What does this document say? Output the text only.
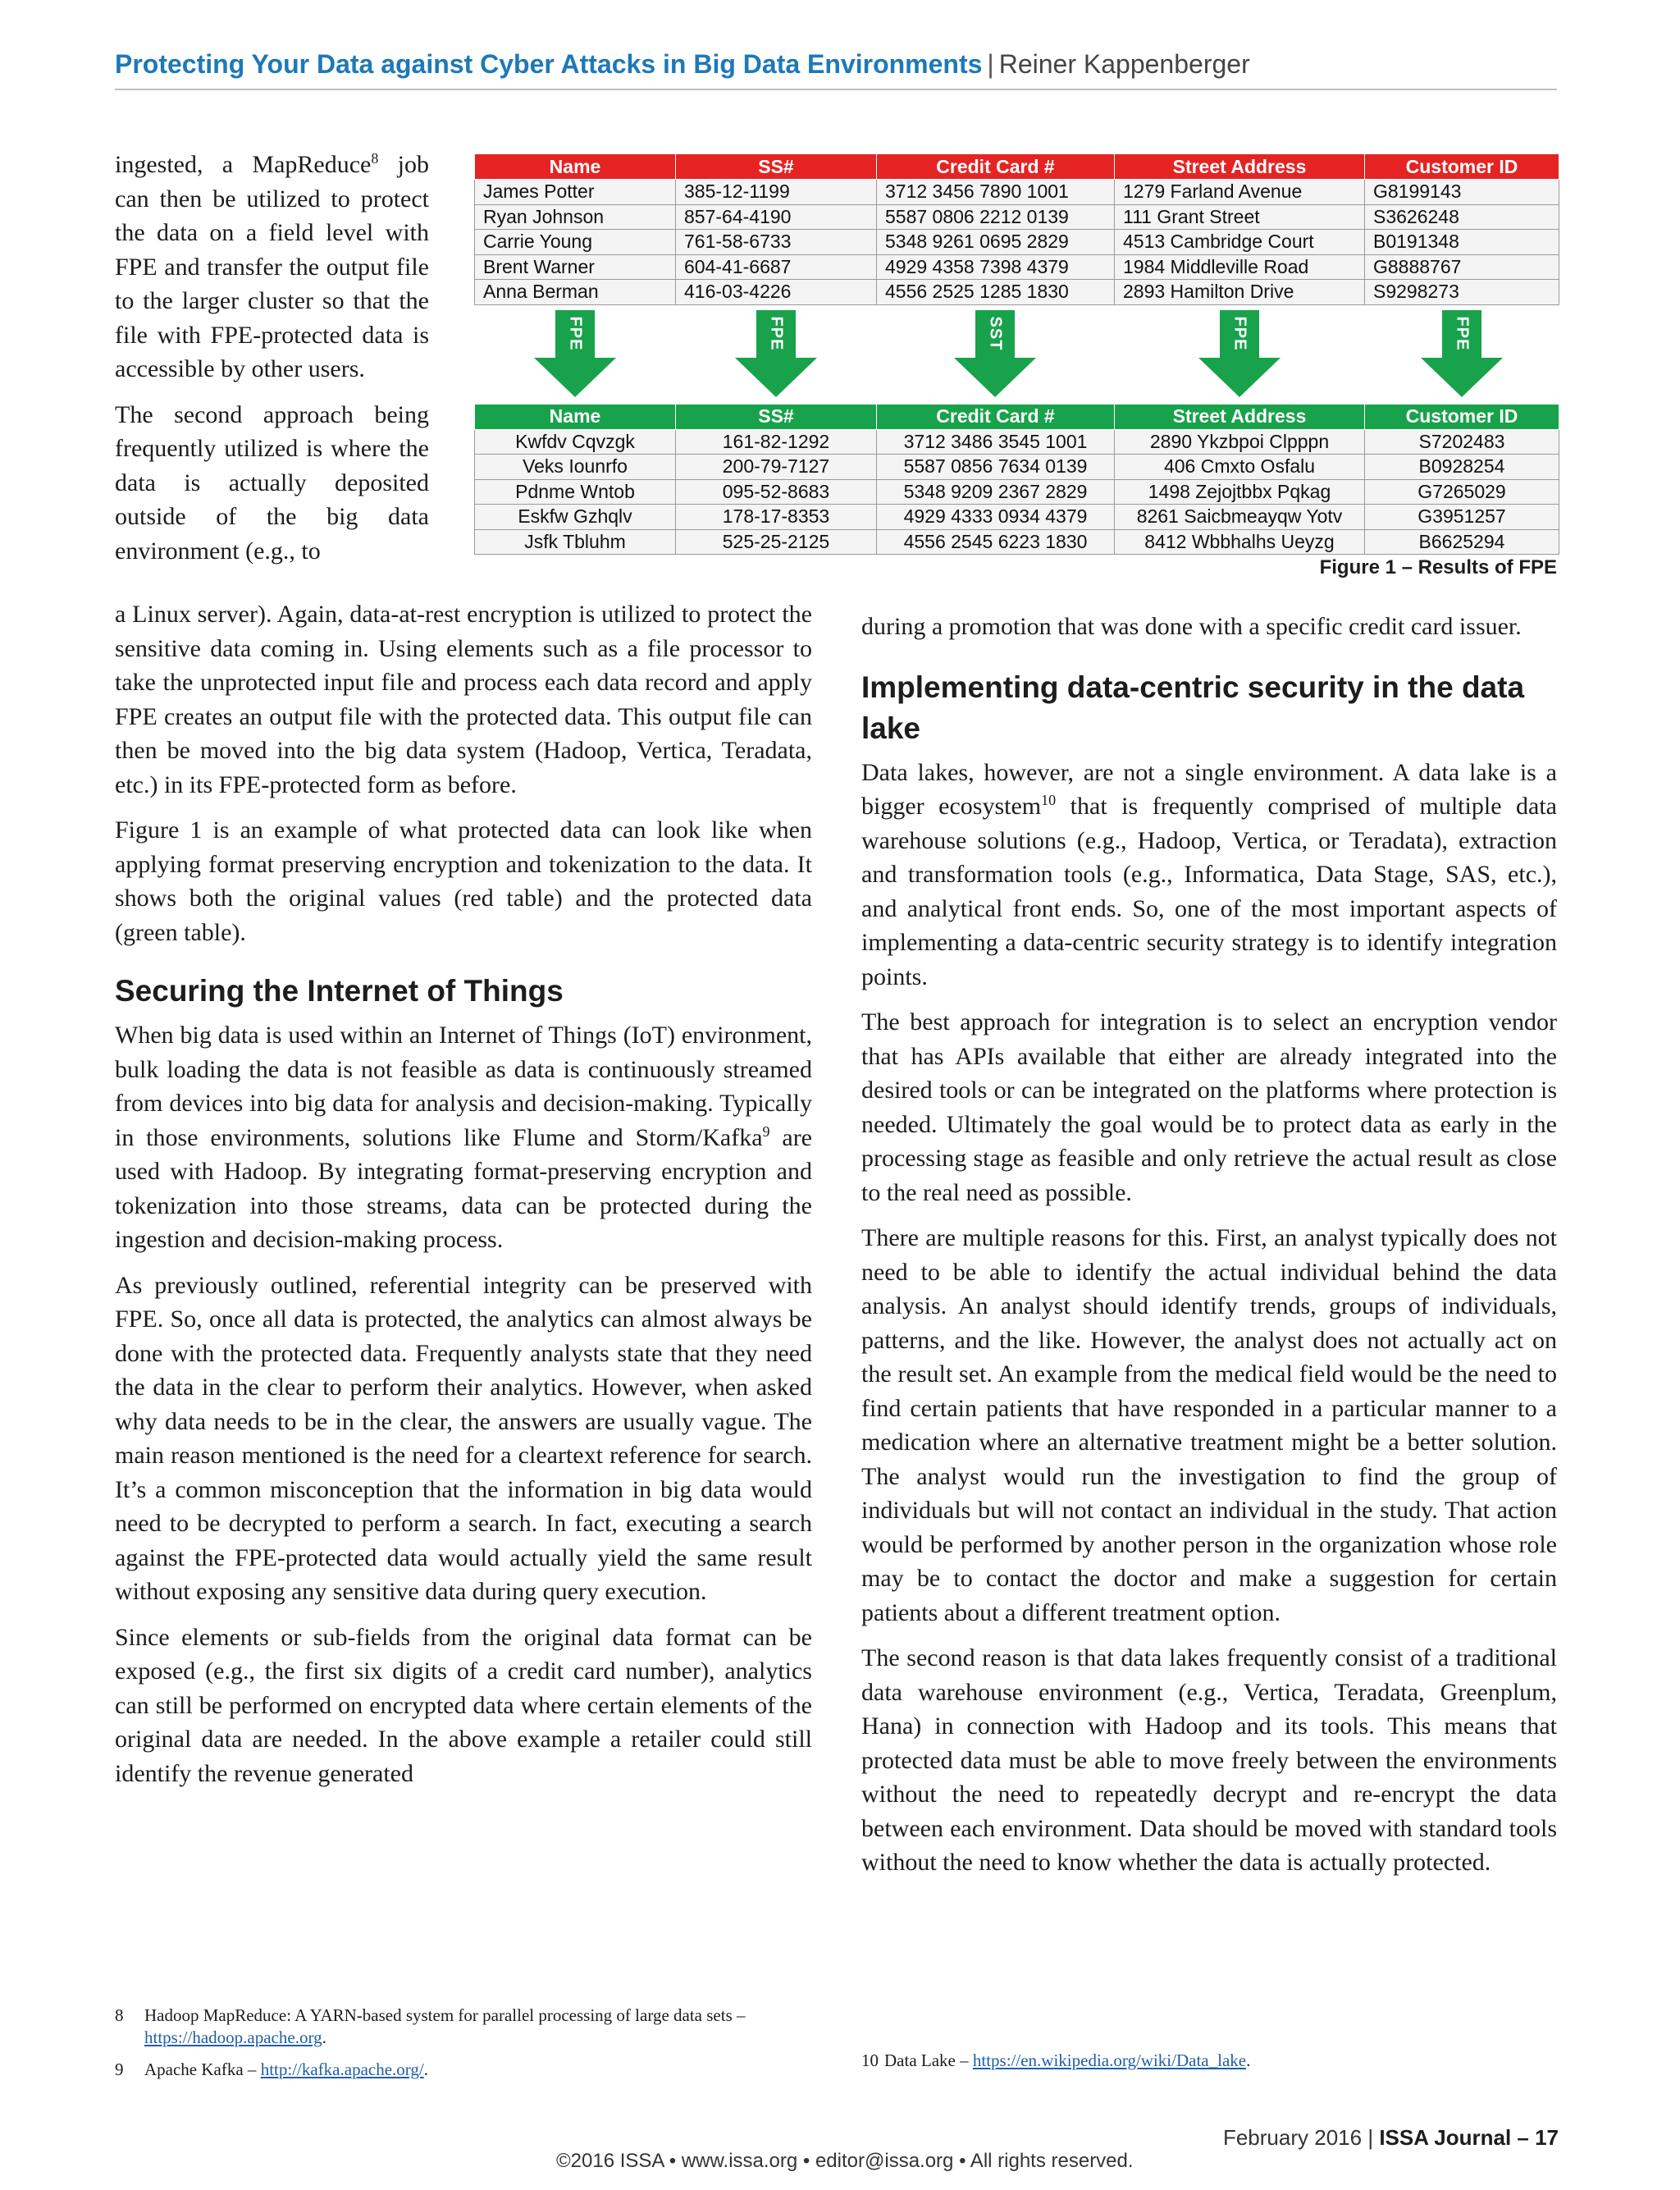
Protecting Your Data against Cyber Attacks in Big Data Environments | Reiner Kappenberger
Name	SS#	Credit Card #	Street Address	Customer ID
James Potter	385-12-1199	3712 3456 7890 1001	1279 Farland Avenue	G8199143
Ryan Johnson	857-64-4190	5587 0806 2212 0139	111 Grant Street	S3626248
Carrie Young	761-58-6733	5348 9261 0695 2829	4513 Cambridge Court	B0191348
Brent Warner	604-41-6687	4929 4358 7398 4379	1984 Middleville Road	G8888767
Anna Berman	416-03-4226	4556 2525 1285 1830	2893 Hamilton Drive	S9298273
FPE	FPE	SST	FPE	FPE
Name	SS#	Credit Card #	Street Address	Customer ID
Kwfdv Cqvzgk	161-82-1292	3712 3486 3545 1001	2890 Ykzbpoi Clpppn	S7202483
Veks Iounrfo	200-79-7127	5587 0856 7634 0139	406 Cmxto Osfalu	B0928254
Pdnme Wntob	095-52-8683	5348 9209 2367 2829	1498 Zejojtbbx Pqkag	G7265029
Eskfw Gzhqlv	178-17-8353	4929 4333 0934 4379	8261 Saicbmeayqw Yotv	G3951257
Jsfk Tbluhm	525-25-2125	4556 2545 6223 1830	8412 Wbbhalhs Ueyzg	B6625294
Figure 1 – Results of FPE

ingested, a MapReduce$^8$ job can then be utilized to protect the data on a field level with FPE and transfer the output file to the larger cluster so that the file with FPE-protected data is accessible by other users.

The second approach being frequently utilized is where the data is actually deposited outside of the big data environment (e.g., to

a Linux server). Again, data-at-rest encryption is utilized to protect the sensitive data coming in. Using elements such as a file processor to take the unprotected input file and process each data record and apply FPE creates an output file with the protected data. This output file can then be moved into the big data system (Hadoop, Vertica, Teradata, etc.) in its FPE-protected form as before.

Figure 1 is an example of what protected data can look like when applying format preserving encryption and tokenization to the data. It shows both the original values (red table) and the protected data (green table).

Securing the Internet of Things

When big data is used within an Internet of Things (IoT) environment, bulk loading the data is not feasible as data is continuously streamed from devices into big data for analysis and decision-making. Typically in those environments, solutions like Flume and Storm/Kafka$^9$ are used with Hadoop. By integrating format-preserving encryption and tokenization into those streams, data can be protected during the ingestion and decision-making process.

As previously outlined, referential integrity can be preserved with FPE. So, once all data is protected, the analytics can almost always be done with the protected data. Frequently analysts state that they need the data in the clear to perform their analytics. However, when asked why data needs to be in the clear, the answers are usually vague. The main reason mentioned is the need for a cleartext reference for search. It’s a common misconception that the information in big data would need to be decrypted to perform a search. In fact, executing a search against the FPE-protected data would actually yield the same result without exposing any sensitive data during query execution.

Since elements or sub-fields from the original data format can be exposed (e.g., the first six digits of a credit card number), analytics can still be performed on encrypted data where certain elements of the original data are needed. In the above example a retailer could still identify the revenue generated

8 Hadoop MapReduce: A YARN-based system for parallel processing of large data sets – https://hadoop.apache.org.

9 Apache Kafka – http://kafka.apache.org/.

during a promotion that was done with a specific credit card issuer.

Implementing data-centric security in the data lake

Data lakes, however, are not a single environment. A data lake is a bigger ecosystem$^{10}$ that is frequently comprised of multiple data warehouse solutions (e.g., Hadoop, Vertica, or Teradata), extraction and transformation tools (e.g., Informatica, Data Stage, SAS, etc.), and analytical front ends. So, one of the most important aspects of implementing a data-centric security strategy is to identify integration points.

The best approach for integration is to select an encryption vendor that has APIs available that either are already integrated into the desired tools or can be integrated on the platforms where protection is needed. Ultimately the goal would be to protect data as early in the processing stage as feasible and only retrieve the actual result as close to the real need as possible.

There are multiple reasons for this. First, an analyst typically does not need to be able to identify the actual individual behind the data analysis. An analyst should identify trends, groups of individuals, patterns, and the like. However, the analyst does not actually act on the result set. An example from the medical field would be the need to find certain patients that have responded in a particular manner to a medication where an alternative treatment might be a better solution. The analyst would run the investigation to find the group of individuals but will not contact an individual in the study. That action would be performed by another person in the organization whose role may be to contact the doctor and make a suggestion for certain patients about a different treatment option.

The second reason is that data lakes frequently consist of a traditional data warehouse environment (e.g., Vertica, Teradata, Greenplum, Hana) in connection with Hadoop and its tools. This means that protected data must be able to move freely between the environments without the need to repeatedly decrypt and re-encrypt the data between each environment. Data should be moved with standard tools without the need to know whether the data is actually protected.

10 Data Lake – https://en.wikipedia.org/wiki/Data_lake.

February 2016 | ISSA Journal – 17
©2016 ISSA • www.issa.org • editor@issa.org • All rights reserved.
